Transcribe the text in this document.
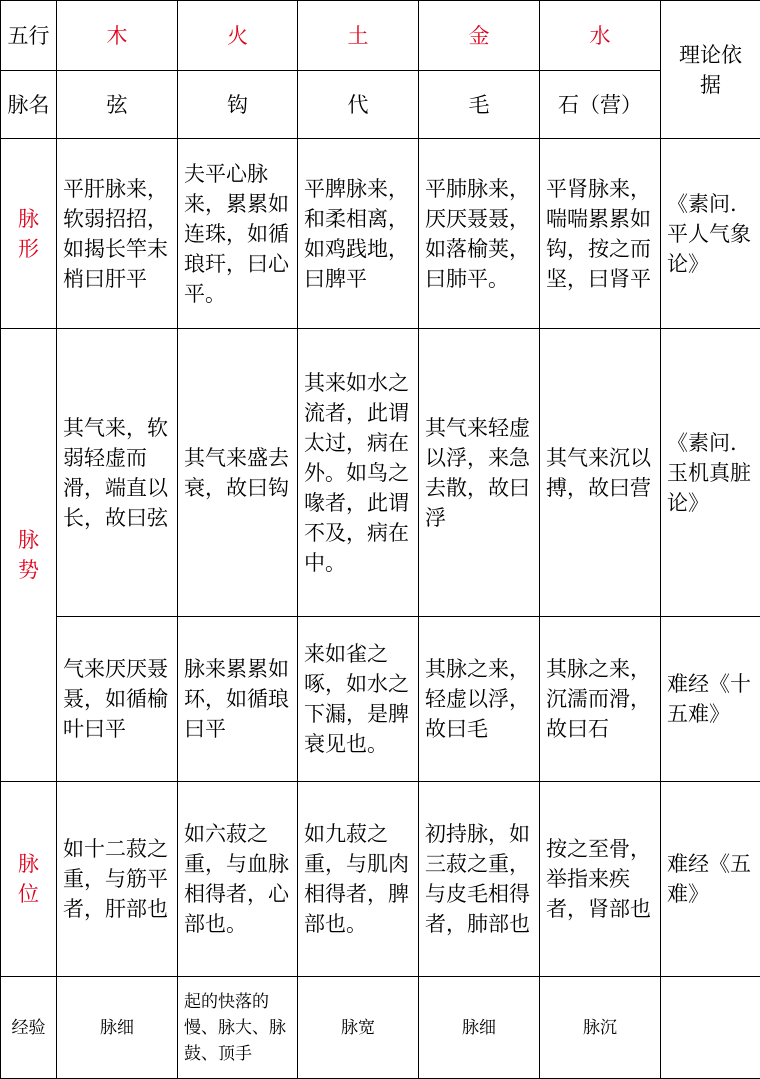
五行	木	火	土	金	水	理论依据
脉名	弦	钩	代	毛	石（营）	
脉形	平肝脉来，软弱招招，如揭长竿末梢曰肝平	夫平心脉来，累累如连珠，如循琅玕，曰心平。	平脾脉来，和柔相离，如鸡践地，曰脾平	平肺脉来，厌厌聂聂，如落榆荚，曰肺平。	平肾脉来，喘喘累累如钩，按之而坚，曰肾平	《素问.平人气象论》
脉势	其气来，软弱轻虚而滑，端直以长，故曰弦	其气来盛去衰，故曰钩	其来如水之流者，此谓太过，病在外。如鸟之喙者，此谓不及，病在中。	其气来轻虚以浮，来急去散，故曰浮	其气来沉以搏，故曰营	《素问.玉机真脏论》
	气来厌厌聂聂，如循榆叶曰平	脉来累累如环，如循琅 曰平	来如雀之啄，如水之下漏，是脾衰见也。	其脉之来，轻虚以浮，故曰毛	其脉之来，沉濡而滑，故曰石	难经《十五难》
脉位	如十二菽之重，与筋平者，肝部也	如六菽之重，与血脉相得者，心部也。	如九菽之重，与肌肉相得者，脾部也。	初持脉，如三菽之重，与皮毛相得者，肺部也	按之至骨，举指来疾者，肾部也	难经《五难》
经验	脉细	起的快落的慢、脉大、脉鼓、顶手	脉宽	脉细	脉沉	
